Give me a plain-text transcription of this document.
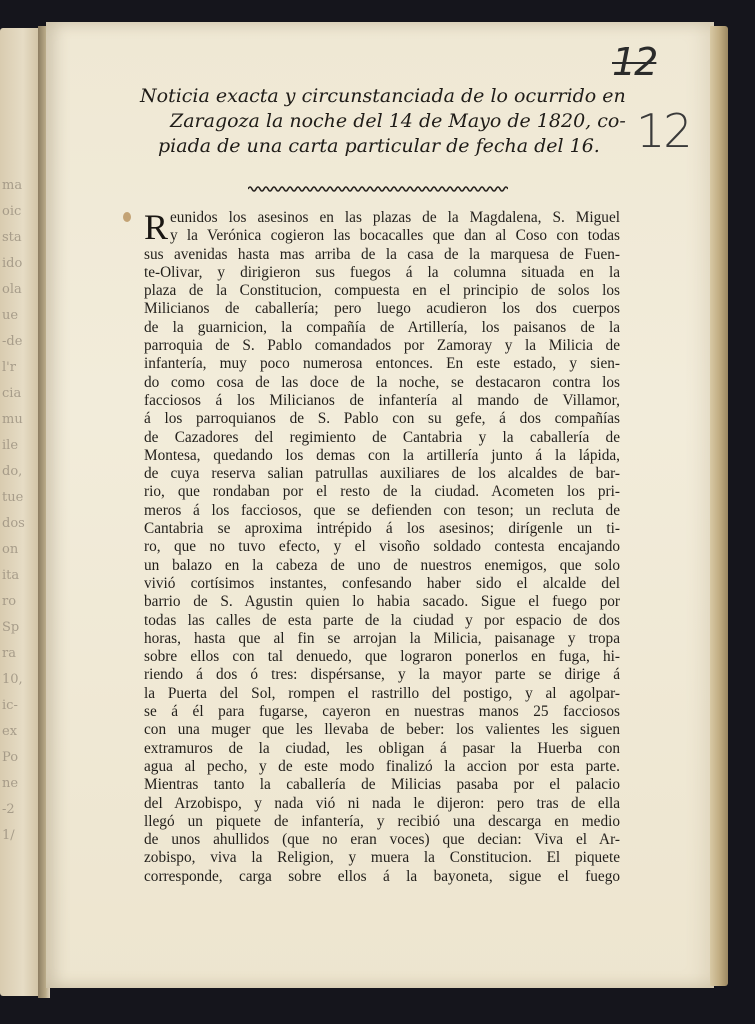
ma
oic
sta
ido
ola
ue
-de
l'r
cia
mu
ile
do,
tue
dos
on
ita
ro
Sp
ra
10,
ic-
ex
Po
ne
-2
1/
12
12
Noticia exacta y circunstanciada de lo ocurrido en
Zaragoza la noche del 14 de Mayo de 1820, co-
piada de una carta particular de fecha del 16.
R eunidos los asesinos en las plazas de la Magdalena, S. Miguel
y la Verónica cogieron las bocacalles que dan al Coso con todas
sus avenidas hasta mas arriba de la casa de la marquesa de Fuen-
te-Olivar, y dirigieron sus fuegos á la columna situada en la
plaza de la Constitucion, compuesta en el principio de solos los
Milicianos de caballería; pero luego acudieron los dos cuerpos
de la guarnicion, la compañía de Artillería, los paisanos de la
parroquia de S. Pablo comandados por Zamoray y la Milicia de
infantería, muy poco numerosa entonces. En este estado, y sien-
do como cosa de las doce de la noche, se destacaron contra los
facciosos á los Milicianos de infantería al mando de Villamor,
á los parroquianos de S. Pablo con su gefe, á dos compañías
de Cazadores del regimiento de Cantabria y la caballería de
Montesa, quedando los demas con la artillería junto á la lápida,
de cuya reserva salian patrullas auxiliares de los alcaldes de bar-
rio, que rondaban por el resto de la ciudad. Acometen los pri-
meros á los facciosos, que se defienden con teson; un recluta de
Cantabria se aproxima intrépido á los asesinos; dirígenle un ti-
ro, que no tuvo efecto, y el visoño soldado contesta encajando
un balazo en la cabeza de uno de nuestros enemigos, que solo
vivió cortísimos instantes, confesando haber sido el alcalde del
barrio de S. Agustin quien lo habia sacado. Sigue el fuego por
todas las calles de esta parte de la ciudad y por espacio de dos
horas, hasta que al fin se arrojan la Milicia, paisanage y tropa
sobre ellos con tal denuedo, que lograron ponerlos en fuga, hi-
riendo á dos ó tres: dispérsanse, y la mayor parte se dirige á
la Puerta del Sol, rompen el rastrillo del postigo, y al agolpar-
se á él para fugarse, cayeron en nuestras manos 25 facciosos
con una muger que les llevaba de beber: los valientes les siguen
extramuros de la ciudad, les obligan á pasar la Huerba con
agua al pecho, y de este modo finalizó la accion por esta parte.
Mientras tanto la caballería de Milicias pasaba por el palacio
del Arzobispo, y nada vió ni nada le dijeron: pero tras de ella
llegó un piquete de infantería, y recibió una descarga en medio
de unos ahullidos (que no eran voces) que decian: Viva el Ar-
zobispo, viva la Religion, y muera la Constitucion. El piquete
corresponde, carga sobre ellos á la bayoneta, sigue el fuego
